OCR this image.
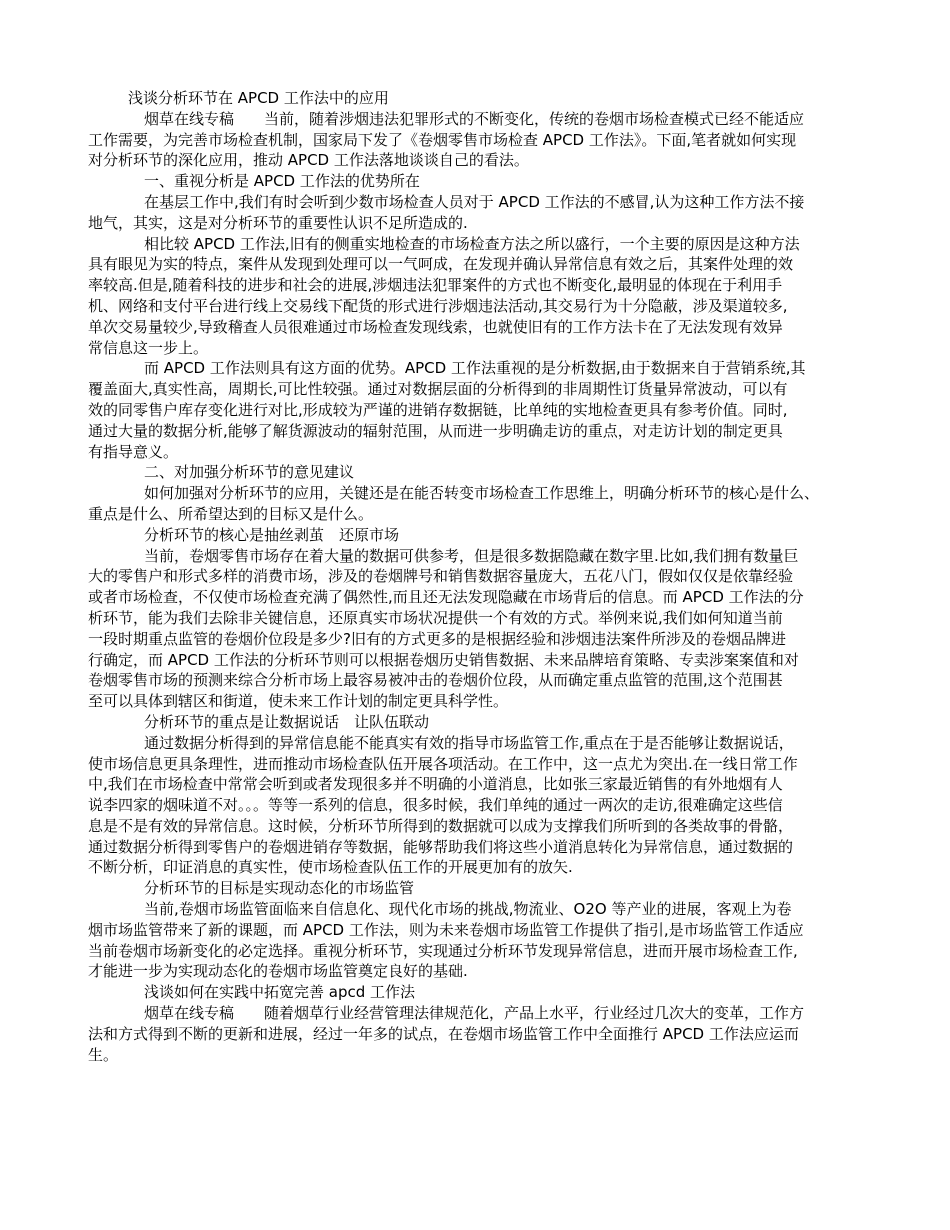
浅谈分析环节在 APCD 工作法中的应用

烟草在线专稿　　当前，随着涉烟违法犯罪形式的不断变化，传统的卷烟市场检查模式已经不能适应

工作需要，为完善市场检查机制，国家局下发了《卷烟零售市场检查 APCD 工作法》。下面,笔者就如何实现

对分析环节的深化应用，推动 APCD 工作法落地谈谈自己的看法。

一、重视分析是 APCD 工作法的优势所在

在基层工作中,我们有时会听到少数市场检查人员对于 APCD 工作法的不感冒,认为这种工作方法不接

地气，其实，这是对分析环节的重要性认识不足所造成的.

相比较 APCD 工作法,旧有的侧重实地检查的市场检查方法之所以盛行，一个主要的原因是这种方法

具有眼见为实的特点，案件从发现到处理可以一气呵成，在发现并确认异常信息有效之后，其案件处理的效

率较高.但是,随着科技的进步和社会的进展,涉烟违法犯罪案件的方式也不断变化,最明显的体现在于利用手

机、网络和支付平台进行线上交易线下配货的形式进行涉烟违法活动,其交易行为十分隐蔽，涉及渠道较多,

单次交易量较少,导致稽查人员很难通过市场检查发现线索，也就使旧有的工作方法卡在了无法发现有效异

常信息这一步上。

而 APCD 工作法则具有这方面的优势。APCD 工作法重视的是分析数据,由于数据来自于营销系统,其

覆盖面大,真实性高，周期长,可比性较强。通过对数据层面的分析得到的非周期性订货量异常波动，可以有

效的同零售户库存变化进行对比,形成较为严谨的进销存数据链，比单纯的实地检查更具有参考价值。同时,

通过大量的数据分析,能够了解货源波动的辐射范围，从而进一步明确走访的重点，对走访计划的制定更具

有指导意义。

二、对加强分析环节的意见建议

如何加强对分析环节的应用，关键还是在能否转变市场检查工作思维上，明确分析环节的核心是什么、

重点是什么、所希望达到的目标又是什么。

分析环节的核心是抽丝剥茧　还原市场

当前，卷烟零售市场存在着大量的数据可供参考，但是很多数据隐藏在数字里.比如,我们拥有数量巨

大的零售户和形式多样的消费市场，涉及的卷烟牌号和销售数据容量庞大，五花八门，假如仅仅是依靠经验

或者市场检查，不仅使市场检查充满了偶然性,而且还无法发现隐藏在市场背后的信息。而 APCD 工作法的分

析环节，能为我们去除非关键信息，还原真实市场状况提供一个有效的方式。举例来说,我们如何知道当前

一段时期重点监管的卷烟价位段是多少?旧有的方式更多的是根据经验和涉烟违法案件所涉及的卷烟品牌进

行确定，而 APCD 工作法的分析环节则可以根据卷烟历史销售数据、未来品牌培育策略、专卖涉案案值和对

卷烟零售市场的预测来综合分析市场上最容易被冲击的卷烟价位段，从而确定重点监管的范围,这个范围甚

至可以具体到辖区和街道，使未来工作计划的制定更具科学性。

分析环节的重点是让数据说话　让队伍联动

通过数据分析得到的异常信息能不能真实有效的指导市场监管工作,重点在于是否能够让数据说话，

使市场信息更具条理性，进而推动市场检查队伍开展各项活动。在工作中，这一点尤为突出.在一线日常工作

中,我们在市场检查中常常会听到或者发现很多并不明确的小道消息，比如张三家最近销售的有外地烟有人

说李四家的烟味道不对。。。等等一系列的信息，很多时候，我们单纯的通过一两次的走访,很难确定这些信

息是不是有效的异常信息。这时候，分析环节所得到的数据就可以成为支撑我们所听到的各类故事的骨骼，

通过数据分析得到零售户的卷烟进销存等数据，能够帮助我们将这些小道消息转化为异常信息，通过数据的

不断分析，印证消息的真实性，使市场检查队伍工作的开展更加有的放矢.

分析环节的目标是实现动态化的市场监管

当前,卷烟市场监管面临来自信息化、现代化市场的挑战,物流业、O2O 等产业的进展，客观上为卷

烟市场监管带来了新的课题，而 APCD 工作法，则为未来卷烟市场监管工作提供了指引,是市场监管工作适应

当前卷烟市场新变化的必定选择。重视分析环节，实现通过分析环节发现异常信息，进而开展市场检查工作,

才能进一步为实现动态化的卷烟市场监管奠定良好的基础.

浅谈如何在实践中拓宽完善 apcd 工作法

烟草在线专稿　　随着烟草行业经营管理法律规范化，产品上水平，行业经过几次大的变革，工作方

法和方式得到不断的更新和进展，经过一年多的试点，在卷烟市场监管工作中全面推行 APCD 工作法应运而

生。
